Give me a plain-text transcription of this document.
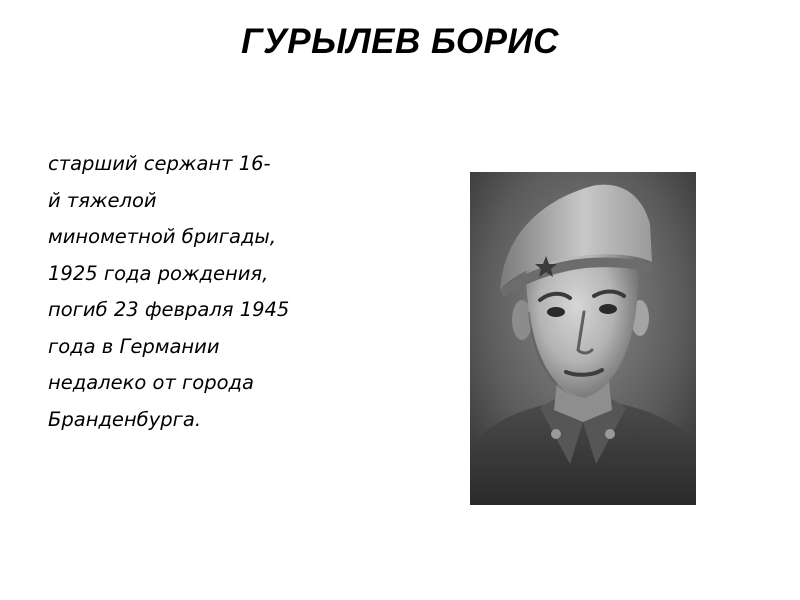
ГУРЫЛЕВ БОРИС
старший сержант 16-
й тяжелой
минометной бригады,
1925 года рождения,
погиб 23 февраля 1945
года в Германии
недалеко от города
Бранденбурга.
